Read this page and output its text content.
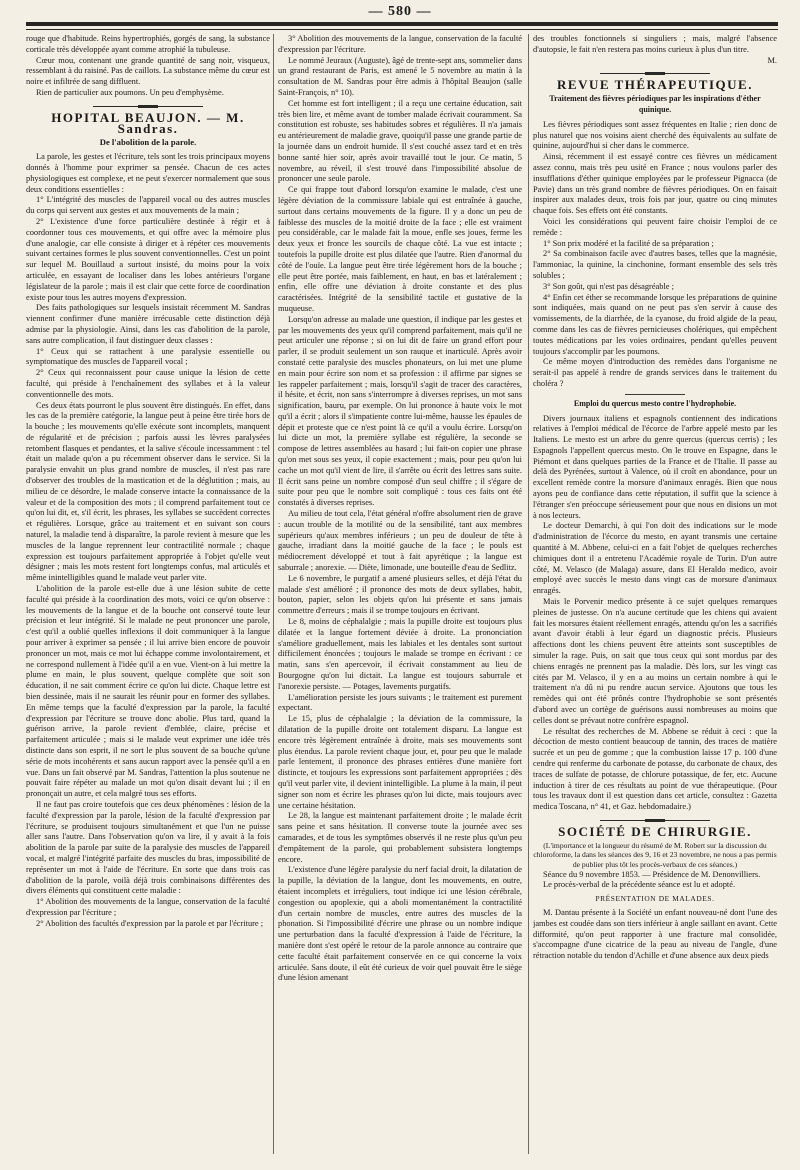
— 580 —

rouge que d'habitude. Reins hypertrophiés, gorgés de sang, la substance corticale très développée ayant comme atrophié la tubuleuse.

Cœur mou, contenant une grande quantité de sang noir, visqueux, ressemblant à du raisiné. Pas de caillots. La substance même du cœur est noire et infiltrée de sang diffluent.

Rien de particulier aux poumons. Un peu d'emphysème.

HOPITAL BEAUJON. — M. Sandras.
De l'abolition de la parole.

La parole, les gestes et l'écriture, tels sont les trois principaux moyens donnés à l'homme pour exprimer sa pensée. Chacun de ces actes physiologiques est complexe, et ne peut s'exercer normalement que sous deux conditions essentielles :

1° L'intégrité des muscles de l'appareil vocal ou des autres muscles du corps qui servent aux gestes et aux mouvements de la main ;

2° L'existence d'une force particulière destinée à régir et à coordonner tous ces mouvements, et qui offre avec la mémoire plus d'une analogie, car elle consiste à diriger et à répéter ces mouvements suivant certaines formes le plus souvent conventionnelles. C'est un point sur lequel M. Bouillaud a surtout insisté, du moins pour la voix articulée, en essayant de localiser dans les lobes antérieurs l'organe législateur de la parole ; mais il est clair que cette force de coordination existe pour tous les autres moyens d'expression.

Des faits pathologiques sur lesquels insistait récemment M. Sandras viennent confirmer d'une manière irrécusable cette distinction déjà admise par la physiologie. Ainsi, dans les cas d'abolition de la parole, sans autre complication, il faut distinguer deux classes :

1° Ceux qui se rattachent à une paralysie essentielle ou symptomatique des muscles de l'appareil vocal ;

2° Ceux qui reconnaissent pour cause unique la lésion de cette faculté, qui préside à l'enchaînement des syllabes et à la valeur conventionnelle des mots.

Ces deux états pourront le plus souvent être distingués. En effet, dans les cas de la première catégorie, la langue peut à peine être tirée hors de la bouche ; les mouvements qu'elle exécute sont incomplets, manquent de régularité et de précision ; parfois aussi les lèvres paralysées retombent flasques et pendantes, et la salive s'écoule incessamment : tel était un malade qu'on a pu récemment observer dans le service. Si la paralysie envahit un plus grand nombre de muscles, il n'est pas rare d'observer des troubles de la mastication et de la déglutition ; mais, au milieu de ce désordre, le malade conserve intacte la connaissance de la valeur et de la composition des mots ; il comprend parfaitement tout ce qu'on lui dit, et, s'il écrit, les phrases, les syllabes se succèdent correctes et régulières. Lorsque, grâce au traitement et en suivant son cours naturel, la maladie tend à disparaître, la parole revient à mesure que les muscles de la langue reprennent leur contractilité normale ; chaque expression est toujours parfaitement appropriée à l'objet qu'elle veut désigner ; mais les mots restent fort longtemps confus, mal articulés et même inintelligibles quand le malade veut parler vite.

L'abolition de la parole est-elle due à une lésion subite de cette faculté qui préside à la coordination des mots, voici ce qu'on observe : les mouvements de la langue et de la bouche ont conservé toute leur précision et leur intégrité. Si le malade ne peut prononcer une parole, c'est qu'il a oublié quelles inflexions il doit communiquer à la langue pour arriver à exprimer sa pensée ; il lui arrive bien encore de pouvoir prononcer un mot, mais ce mot lui échappe comme involontairement, et ne correspond nullement à l'idée qu'il a en vue. Vient-on à lui mettre la plume en main, le plus souvent, quelque complète que soit son éducation, il ne sait comment écrire ce qu'on lui dicte. Chaque lettre est bien dessinée, mais il ne saurait les réunir pour en former des syllabes. En même temps que la faculté d'expression par la parole, la faculté d'expression par l'écriture se trouve donc abolie. Plus tard, quand la guérison arrive, la parole revient d'emblée, claire, précise et parfaitement articulée ; mais si le malade veut exprimer une idée très distincte dans son esprit, il ne sort le plus souvent de sa bouche qu'une série de mots incohérents et sans aucun rapport avec la pensée qu'il a en vue. Dans un fait observé par M. Sandras, l'attention la plus soutenue ne pouvait faire répéter au malade un mot qu'on disait devant lui ; il en prononçait un autre, et cela malgré tous ses efforts.

Il ne faut pas croire toutefois que ces deux phénomènes : lésion de la faculté d'expression par la parole, lésion de la faculté d'expression par l'écriture, se produisent toujours simultanément et que l'un ne puisse aller sans l'autre. Dans l'observation qu'on va lire, il y avait à la fois abolition de la parole par suite de la paralysie des muscles de l'appareil vocal, et malgré l'intégrité parfaite des muscles du bras, impossibilité de représenter un mot à l'aide de l'écriture. En sorte que dans trois cas d'abolition de la parole, voilà déjà trois combinaisons différentes des divers éléments qui constituent cette maladie :

1° Abolition des mouvements de la langue, conservation de la faculté d'expression par l'écriture ;

2° Abolition des facultés d'expression par la parole et par l'écriture ;

3° Abolition des mouvements de la langue, conservation de la faculté d'expression par l'écriture.

Le nommé Jeuraux (Auguste), âgé de trente-sept ans, sommelier dans un grand restaurant de Paris, est amené le 5 novembre au matin à la consultation de M. Sandras pour être admis à l'hôpital Beaujon (salle Saint-François, n° 10).

Cet homme est fort intelligent ; il a reçu une certaine éducation, sait très bien lire, et même avant de tomber malade écrivait couramment. Sa constitution est robuste, ses habitudes sobres et régulières. Il n'a jamais eu antérieurement de maladie grave, quoiqu'il passe une grande partie de la journée dans un endroit humide. Il s'est couché assez tard et en très bonne santé hier soir, après avoir travaillé tout le jour. Ce matin, 5 novembre, au réveil, il s'est trouvé dans l'impossibilité absolue de prononcer une seule parole.

Ce qui frappe tout d'abord lorsqu'on examine le malade, c'est une légère déviation de la commissure labiale qui est entraînée à gauche, surtout dans certains mouvements de la figure. Il y a donc un peu de faiblesse des muscles de la moitié droite de la face ; elle est vraiment peu considérable, car le malade fait la moue, enfle ses joues, ferme les deux yeux et fronce les sourcils de chaque côté. La vue est intacte ; toutefois la pupille droite est plus dilatée que l'autre. Rien d'anormal du côté de l'ouïe. La langue peut être tirée légèrement hors de la bouche ; elle peut être portée, mais faiblement, en haut, en bas et latéralement ; enfin, elle offre une déviation à droite constante et des plus caractérisées. Intégrité de la sensibilité tactile et gustative de la muqueuse.

Lorsqu'on adresse au malade une question, il indique par les gestes et par les mouvements des yeux qu'il comprend parfaitement, mais qu'il ne peut articuler une réponse ; si on lui dit de faire un grand effort pour parler, il se produit seulement un son rauque et inarticulé. Après avoir constaté cette paralysie des muscles phonateurs, on lui met une plume en main pour écrire son nom et sa profession : il affirme par signes se les rappeler parfaitement ; mais, lorsqu'il s'agit de tracer des caractères, il hésite, et écrit, non sans s'interrompre à diverses reprises, un mot sans signification, bauru, par exemple. On lui prononce à haute voix le mot qu'il a écrit ; alors il s'impatiente contre lui-même, hausse les épaules de dépit et proteste que ce n'est point là ce qu'il a voulu écrire. Lorsqu'on lui dicte un mot, la première syllabe est régulière, la seconde se compose de lettres assemblées au hasard ; lui fait-on copier une phrase qu'on met sous ses yeux, il copie exactement ; mais, pour peu qu'on lui cache un mot qu'il vient de lire, il s'arrête ou écrit des lettres sans suite. Il écrit sans peine un nombre composé d'un seul chiffre ; il s'égare de suite pour peu que le nombre soit compliqué : tous ces faits ont été constatés à diverses reprises.

Au milieu de tout cela, l'état général n'offre absolument rien de grave : aucun trouble de la motilité ou de la sensibilité, tant aux membres supérieurs qu'aux membres inférieurs ; un peu de douleur de tête à gauche, irradiant dans la moitié gauche de la face ; le pouls est médiocrement développé et tout à fait apyrétique ; la langue est saburrale ; anorexie. — Diète, limonade, une bouteille d'eau de Sedlitz.

Le 6 novembre, le purgatif a amené plusieurs selles, et déjà l'état du malade s'est amélioré ; il prononce des mots de deux syllabes, habit, bouton, papier, selon les objets qu'on lui présente et sans jamais commettre d'erreurs ; mais il se trompe toujours en écrivant.

Le 8, moins de céphalalgie ; mais la pupille droite est toujours plus dilatée et la langue fortement déviée à droite. La prononciation s'améliore graduellement, mais les labiales et les dentales sont surtout difficilement énoncées ; toujours le malade se trompe en écrivant : ce matin, sans s'en apercevoir, il écrivait constamment au lieu de Bourgogne qu'on lui dictait. La langue est toujours saburrale et l'anorexie persiste. — Potages, lavements purgatifs.

L'amélioration persiste les jours suivants ; le traitement est purement expectant.

Le 15, plus de céphalalgie ; la déviation de la commissure, la dilatation de la pupille droite ont totalement disparu. La langue est encore très légèrement entraînée à droite, mais ses mouvements sont plus étendus. La parole revient chaque jour, et, pour peu que le malade parle lentement, il prononce des phrases entières d'une manière fort distincte, et toujours les expressions sont parfaitement appropriées ; dès qu'il veut parler vite, il devient inintelligible. La plume à la main, il peut signer son nom et écrire les phrases qu'on lui dicte, mais toujours avec une certaine hésitation.

Le 28, la langue est maintenant parfaitement droite ; le malade écrit sans peine et sans hésitation. Il converse toute la journée avec ses camarades, et de tous les symptômes observés il ne reste plus qu'un peu d'empâtement de la parole, qui probablement subsistera longtemps encore.

L'existence d'une légère paralysie du nerf facial droit, la dilatation de la pupille, la déviation de la langue, dont les mouvements, en outre, étaient incomplets et irréguliers, tout indique ici une lésion cérébrale, congestion ou apoplexie, qui a aboli momentanément la contractilité d'un certain nombre de muscles, entre autres des muscles de la phonation. Si l'impossibilité d'écrire une phrase ou un nombre indique une perturbation dans la faculté d'expression à l'aide de l'écriture, la manière dont s'est opéré le retour de la parole annonce au contraire que cette faculté était parfaitement conservée en ce qui concerne la voix articulée. Sans doute, il eût été curieux de voir quel pouvait être le siège d'une lésion amenant

des troubles fonctionnels si singuliers ; mais, malgré l'absence d'autopsie, le fait n'en restera pas moins curieux à plus d'un titre.

M.
REVUE THÉRAPEUTIQUE.
Traitement des fièvres périodiques par les inspirations d'éther quinique.

Les fièvres périodiques sont assez fréquentes en Italie ; rien donc de plus naturel que nos voisins aient cherché des équivalents au sulfate de quinine, aujourd'hui si cher dans le commerce.

Ainsi, récemment il est essayé contre ces fièvres un médicament assez connu, mais très peu usité en France ; nous voulons parler des insufflations d'éther quinique employées par le professeur Pignacca (de Pavie) dans un très grand nombre de fièvres périodiques. On en faisait inspirer aux malades deux, trois fois par jour, quatre ou cinq minutes chaque fois. Ses effets ont été constants.

Voici les considérations qui peuvent faire choisir l'emploi de ce remède :

1° Son prix modéré et la facilité de sa préparation ;

2° Sa combinaison facile avec d'autres bases, telles que la magnésie, l'ammoniac, la quinine, la cinchonine, formant ensemble des sels très solubles ;

3° Son goût, qui n'est pas désagréable ;

4° Enfin cet éther se recommande lorsque les préparations de quinine sont indiquées, mais quand on ne peut pas s'en servir à cause des vomissements, de la diarrhée, de la cyanose, du froid algide de la peau, comme dans les cas de fièvres pernicieuses cholériques, qui empêchent toutes médications par les voies ordinaires, pendant qu'elles peuvent toujours s'accomplir par les poumons.

Ce même moyen d'introduction des remèdes dans l'organisme ne serait-il pas appelé à rendre de grands services dans le traitement du choléra ?

Emploi du quercus mesto contre l'hydrophobie.

Divers journaux italiens et espagnols contiennent des indications relatives à l'emploi médical de l'écorce de l'arbre appelé mesto par les Italiens. Le mesto est un arbre du genre quercus (quercus cerris) ; les Espagnols l'appellent quercus mesto. On le trouve en Espagne, dans le Piémont et dans quelques parties de la France et de l'Italie. Il passe au delà des Pyrénées, surtout à Valence, où il croît en abondance, pour un excellent remède contre la morsure d'animaux enragés. Bien que nous ayons peu de confiance dans cette réputation, il suffit que la science à l'étranger s'en préoccupe sérieusement pour que nous en disions un mot à nos lecteurs.

Le docteur Demarchi, à qui l'on doit des indications sur le mode d'administration de l'écorce du mesto, en ayant transmis une certaine quantité à M. Abbene, celui-ci en a fait l'objet de quelques recherches chimiques dont il a entretenu l'Académie royale de Turin. D'un autre côté, M. Velasco (de Malaga) assure, dans El Heraldo medico, avoir employé avec succès le mesto dans vingt cas de morsure d'animaux enragés.

Mais le Porvenir medico présente à ce sujet quelques remarques pleines de justesse. On n'a aucune certitude que les chiens qui avaient fait les morsures étaient réellement enragés, attendu qu'on les a sacrifiés avant d'avoir établi à leur égard un diagnostic précis. Plusieurs affections dont les chiens peuvent être atteints sont susceptibles de simuler la rage. Puis, on sait que tous ceux qui sont mordus par des chiens enragés ne prennent pas la maladie. Dès lors, sur les vingt cas cités par M. Velasco, il y en a au moins un certain nombre à qui le traitement n'a dû ni pu rendre aucun service. Ajoutons que tous les remèdes qui ont été prônés contre l'hydrophobie se sont présentés d'abord avec un cortège de guérisons aussi nombreuses au moins que celles dont se prévaut notre confrère espagnol.

Le résultat des recherches de M. Abbene se réduit à ceci : que la décoction de mesto contient beaucoup de tannin, des traces de matière sucrée et un peu de gomme ; que la combustion laisse 17 p. 100 d'une cendre qui renferme du carbonate de potasse, du carbonate de chaux, des traces de sulfate de potasse, de chlorure potassique, de fer, etc. Aucune induction à tirer de ces résultats au point de vue thérapeutique. (Pour tous les travaux dont il est question dans cet article, consultez : Gazetta medica Toscana, n° 41, et Gaz. hebdomadaire.)

SOCIÉTÉ DE CHIRURGIE.

(L'importance et la longueur du résumé de M. Robert sur la discussion du chloroforme, la dans les séances des 9, 16 et 23 novembre, ne nous a pas permis de publier plus tôt les procès-verbaux de ces séances.)

Séance du 9 novembre 1853. — Présidence de M. Denonvilliers.

Le procès-verbal de la précédente séance est lu et adopté.

PRÉSENTATION DE MALADES.

M. Dantau présente à la Société un enfant nouveau-né dont l'une des jambes est coudée dans son tiers inférieur à angle saillant en avant. Cette difformité, qu'on peut rapporter à une fracture mal consolidée, s'accompagne d'une cicatrice de la peau au niveau de l'angle, d'une rétraction notable du tendon d'Achille et d'une absence aux deux pieds
